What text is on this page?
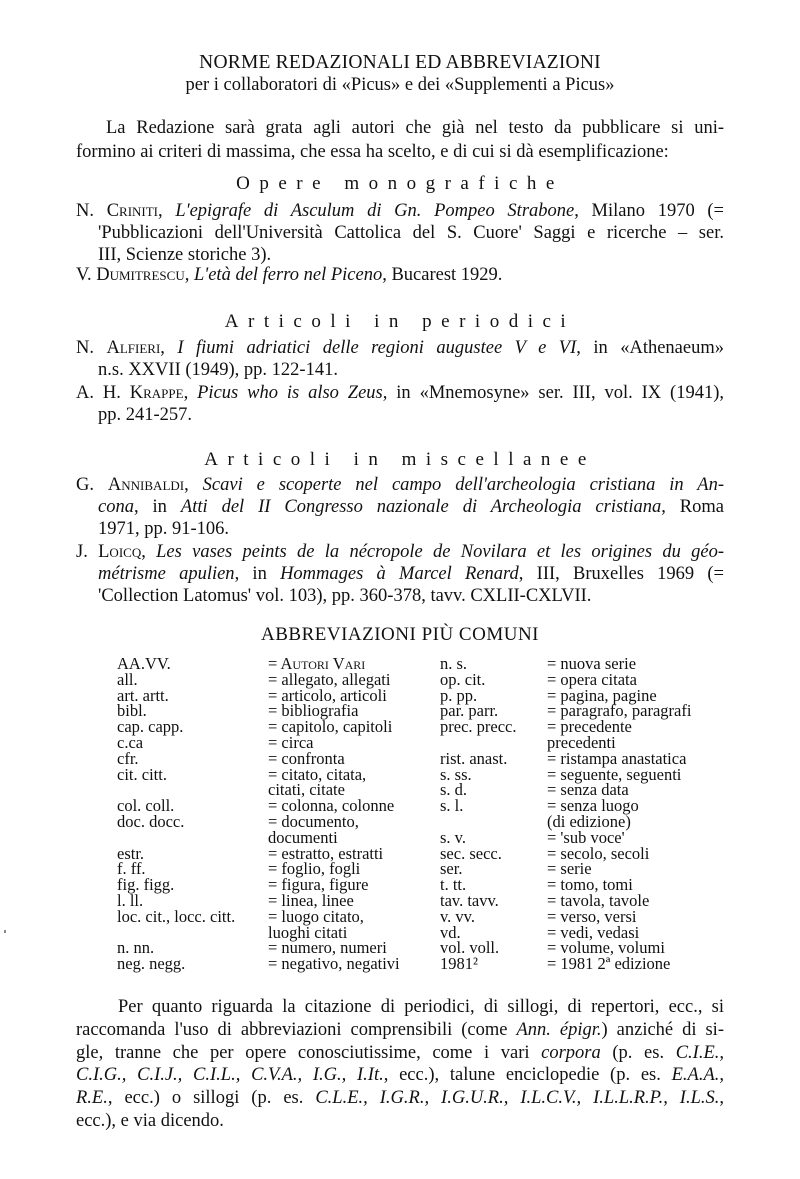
NORME REDAZIONALI ED ABBREVIAZIONI
per i collaboratori di «Picus» e dei «Supplementi a Picus»
La Redazione sarà grata agli autori che già nel testo da pubblicare si uni-
formino ai criteri di massima, che essa ha scelto, e di cui si dà esemplificazione:
Opere monografiche
N. Criniti, L'epigrafe di Asculum di Gn. Pompeo Strabone, Milano 1970 (=
'Pubblicazioni dell'Università Cattolica del S. Cuore' Saggi e ricerche – ser.
III, Scienze storiche 3).
V. Dumitrescu, L'età del ferro nel Piceno, Bucarest 1929.
Articoli in periodici
N. Alfieri, I fiumi adriatici delle regioni augustee V e VI, in «Athenaeum»
n.s. XXVII (1949), pp. 122-141.
A. H. Krappe, Picus who is also Zeus, in «Mnemosyne» ser. III, vol. IX (1941),
pp. 241-257.
Articoli in miscellanee
G. Annibaldi, Scavi e scoperte nel campo dell'archeologia cristiana in An-
cona, in Atti del II Congresso nazionale di Archeologia cristiana, Roma
1971, pp. 91-106.
J. Loicq, Les vases peints de la nécropole de Novilara et les origines du géo-
métrisme apulien, in Hommages à Marcel Renard, III, Bruxelles 1969 (=
'Collection Latomus' vol. 103), pp. 360-378, tavv. CXLII-CXLVII.
ABBREVIAZIONI PIÙ COMUNI
AA.VV.	= Autori Vari	n. s.	= nuova serie
all.	= allegato, allegati	op. cit.	= opera citata
art. artt.	= articolo, articoli	p. pp.	= pagina, pagine
bibl.	= bibliografia	par. parr.	= paragrafo, paragrafi
cap. capp.	= capitolo, capitoli	prec. precc.	= precedente
c.ca	= circa		precedenti
cfr.	= confronta	rist. anast.	= ristampa anastatica
cit. citt.	= citato, citata,	s. ss.	= seguente, seguenti
	citati, citate	s. d.	= senza data
col. coll.	= colonna, colonne	s. l.	= senza luogo
doc. docc.	= documento,		(di edizione)
	documenti	s. v.	= 'sub voce'
estr.	= estratto, estratti	sec. secc.	= secolo, secoli
f. ff.	= foglio, fogli	ser.	= serie
fig. figg.	= figura, figure	t. tt.	= tomo, tomi
l. ll.	= linea, linee	tav. tavv.	= tavola, tavole
loc. cit., locc. citt.	= luogo citato,	v. vv.	= verso, versi
	luoghi citati	vd.	= vedi, vedasi
n. nn.	= numero, numeri	vol. voll.	= volume, volumi
neg. negg.	= negativo, negativi	1981²	= 1981 2ª edizione
Per quanto riguarda la citazione di periodici, di sillogi, di repertori, ecc., si
raccomanda l'uso di abbreviazioni comprensibili (come Ann. épigr.) anziché di si-
gle, tranne che per opere conosciutissime, come i vari corpora (p. es. C.I.E.,
C.I.G., C.I.J., C.I.L., C.V.A., I.G., I.It., ecc.), talune enciclopedie (p. es. E.A.A.,
R.E., ecc.) o sillogi (p. es. C.L.E., I.G.R., I.G.U.R., I.L.C.V., I.L.L.R.P., I.L.S.,
ecc.), e via dicendo.
